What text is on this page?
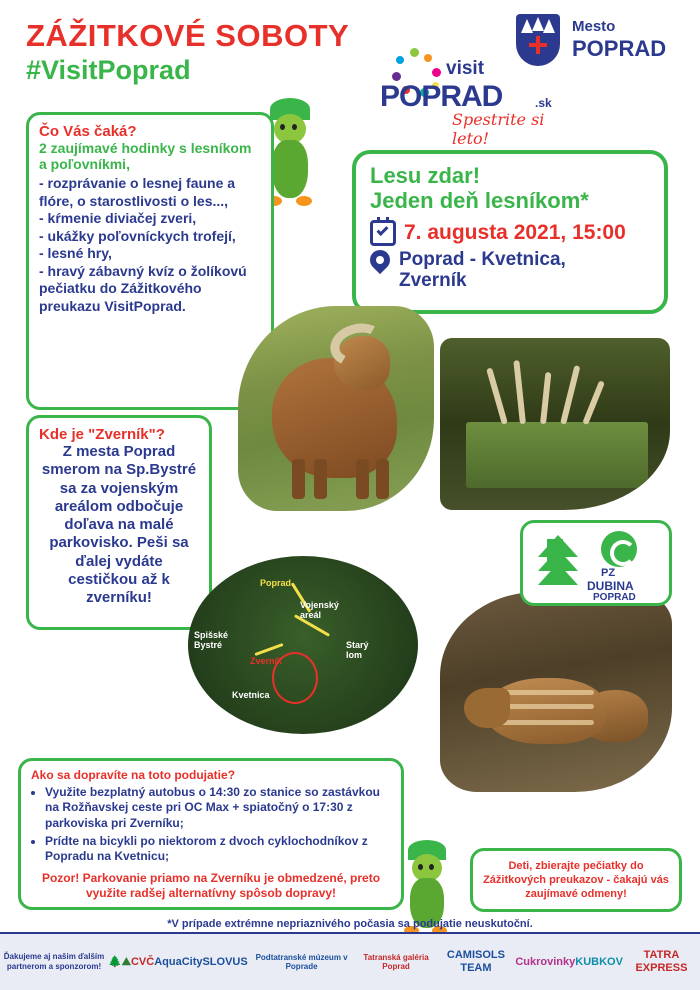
ZÁŽITKOVÉ SOBOTY
#VisitPoprad	visit
POPRAD	.sk
Spestrite si leto!
Mesto
POPRAD
Čo Vás čaká?
2 zaujímavé hodinky s lesníkom a poľovníkmi,
- rozprávanie o lesnej faune a flóre, o starostlivosti o les...,
- kŕmenie diviačej zveri,
- ukážky poľovníckych trofejí,
- lesné hry,
- hravý zábavný kvíz o žolíkovú pečiatku do Zážitkového preukazu VisitPoprad.
Lesu zdar!
Jeden deň lesníkom*
7. augusta 2021, 15:00
Poprad - Kvetnica,
Zverník
Kde je "Zverník"?
Z mesta Poprad smerom na Sp.Bystré sa za vojenským areálom odbočuje doľava na malé parkovisko. Peši sa ďalej vydáte cestičkou až k zverníku!
Poprad
Vojenský areál
Spišské Bystré
Zverník
Starý lom
Kvetnica
PZ
DUBINA
POPRAD
Ako sa dopravíte na toto podujatie?
• Využite bezplatný autobus o 14:30 zo stanice so zastávkou na Rožňavskej ceste pri OC Max + spiatočný o 17:30 z parkoviska pri Zverníku;
• Prídte na bicykli po niektorom z dvoch cyklochodníkov z Popradu na Kvetnicu;
Pozor! Parkovanie priamo na Zverníku je obmedzené, preto využite radšej alternatívny spôsob dopravy!
Deti, zbierajte pečiatky do Zážitkových preukazov - čakajú vás zaujímavé odmeny!
*V prípade extrémne nepriaznivého počasia sa podujatie neuskutoční.
Ďakujeme aj našim ďalším partnerom a sponzorom! 🌲 ⛰ CVČ AquaCity SLOVUS Podtatranské múzeum v Poprade
Tatranská galéria Poprad
CAMISOLS TEAM
Cukrovinky KUBKOV
TATRA EXPRESS
